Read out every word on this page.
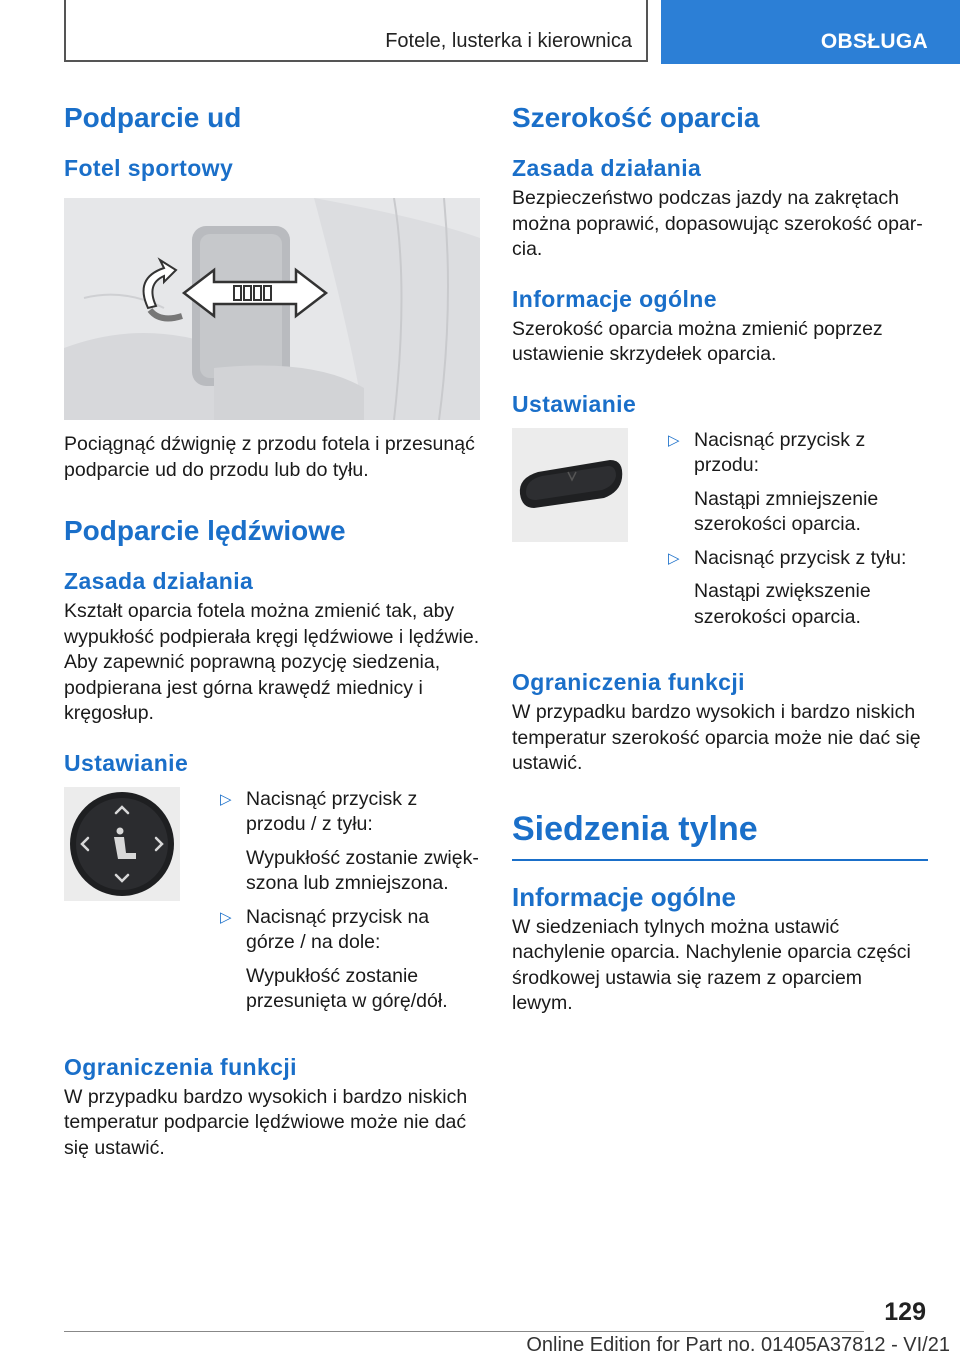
Fotele, lusterka i kierownica	OBSŁUGA
Podparcie ud
Fotel sportowy

Pociągnąć dźwignię z przodu fotela i przesunąć podparcie ud do przodu lub do tyłu.

Podparcie lędźwiowe
Zasada działania

Kształt oparcia fotela można zmienić tak, aby wypukłość podpierała kręgi lędźwiowe i lędźwie. Aby zapewnić poprawną pozycję siedzenia, podpierana jest górna krawędź miednicy i kręgosłup.

Ustawianie
▷ Nacisnąć przycisk z przodu / z tyłu:

Wypukłość zostanie zwiększona lub zmniejszona.

▷ Nacisnąć przycisk na górze / na dole:

Wypukłość zostanie przesunięta w górę/dół.

Ograniczenia funkcji

W przypadku bardzo wysokich i bardzo niskich temperatur podparcie lędźwiowe może nie dać się ustawić.

Szerokość oparcia
Zasada działania

Bezpieczeństwo podczas jazdy na zakrętach można poprawić, dopasowując szerokość oparcia.

Informacje ogólne

Szerokość oparcia można zmienić poprzez ustawienie skrzydełek oparcia.

Ustawianie
▷ Nacisnąć przycisk z przodu:

Nastąpi zmniejszenie szerokości oparcia.

▷ Nacisnąć przycisk z tyłu:

Nastąpi zwiększenie szerokości oparcia.

Ograniczenia funkcji

W przypadku bardzo wysokich i bardzo niskich temperatur szerokość oparcia może nie dać się ustawić.

Siedzenia tylne
Informacje ogólne

W siedzeniach tylnych można ustawić nachylenie oparcia. Nachylenie oparcia części środkowej ustawia się razem z oparciem lewym.

129
Online Edition for Part no. 01405A37812 - VI/21
